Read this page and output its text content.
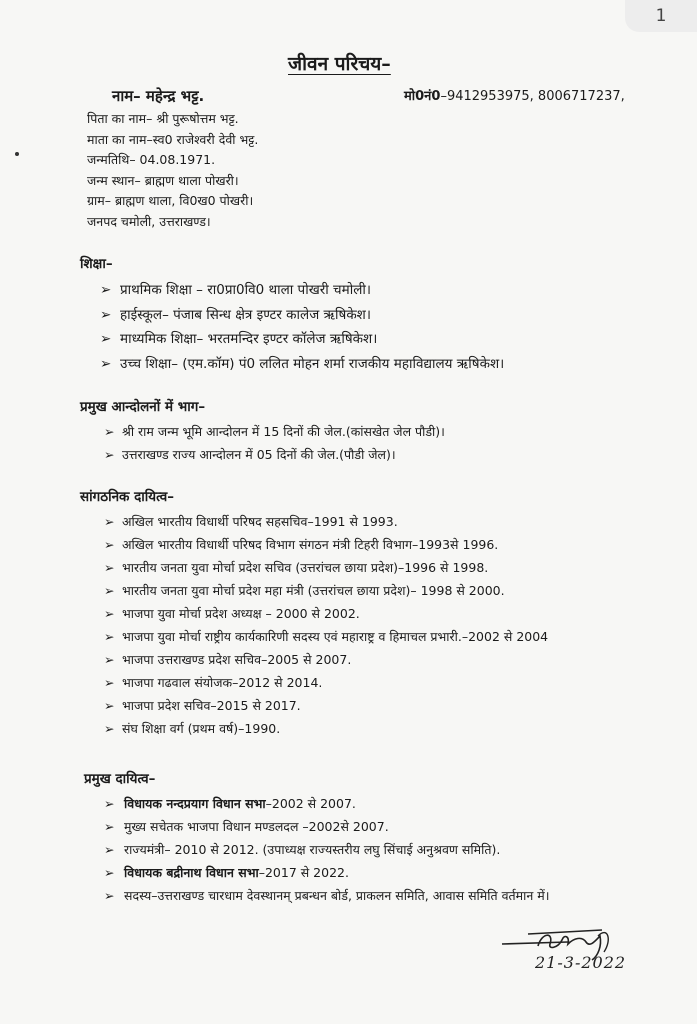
1
जीवन परिचय–
नाम– महेन्द्र भट्ट.	मो0नं0–9412953975, 8006717237,
पिता का नाम– श्री पुरूषोत्तम भट्ट.
माता का नाम–स्व0 राजेश्वरी देवी भट्ट.
जन्मतिथि– 04.08.1971.
जन्म स्थान– ब्राह्मण थाला पोखरी।
ग्राम– ब्राह्मण थाला, वि0ख0 पोखरी।
जनपद चमोली, उत्तराखण्ड।
शिक्षा–
➢ प्राथमिक शिक्षा – रा0प्रा0वि0 थाला पोखरी चमोली।
➢ हाईस्कूल– पंजाब सिन्ध क्षेत्र इण्टर कालेज ऋषिकेश।
➢ माध्यमिक शिक्षा– भरतमन्दिर इण्टर कॉलेज ऋषिकेश।
➢ उच्च शिक्षा– (एम.कॉम) पं0 ललित मोहन शर्मा राजकीय महाविद्यालय ऋषिकेश।
प्रमुख आन्दोलनों में भाग–
➢ श्री राम जन्म भूमि आन्दोलन में 15 दिनों की जेल.(कांसखेत जेल पौडी)।
➢ उत्तराखण्ड राज्य आन्दोलन में 05 दिनों की जेल.(पौडी जेल)।
सांगठनिक दायित्व–
➢ अखिल भारतीय विधार्थी परिषद सहसचिव–1991 से 1993.
➢ अखिल भारतीय विधार्थी परिषद विभाग संगठन मंत्री टिहरी विभाग–1993से 1996.
➢ भारतीय जनता युवा मोर्चा प्रदेश सचिव (उत्तरांचल छाया प्रदेश)–1996 से 1998.
➢ भारतीय जनता युवा मोर्चा प्रदेश महा मंत्री (उत्तरांचल छाया प्रदेश)– 1998 से 2000.
➢ भाजपा युवा मोर्चा प्रदेश अध्यक्ष – 2000 से 2002.
➢ भाजपा युवा मोर्चा राष्ट्रीय कार्यकारिणी सदस्य एवं महाराष्ट्र व हिमाचल प्रभारी.–2002 से 2004
➢ भाजपा उत्तराखण्ड प्रदेश सचिव–2005 से 2007.
➢ भाजपा गढवाल संयोजक–2012 से 2014.
➢ भाजपा प्रदेश सचिव–2015 से 2017.
➢ संघ शिक्षा वर्ग (प्रथम वर्ष)–1990.
प्रमुख दायित्व–
➢ विधायक नन्दप्रयाग विधान सभा–2002 से 2007.
➢ मुख्य सचेतक भाजपा विधान मण्डलदल –2002से 2007.
➢ राज्यमंत्री– 2010 से 2012. (उपाध्यक्ष राज्यस्तरीय लघु सिंचाई अनुश्रवण समिति).
➢ विधायक बद्रीनाथ विधान सभा–2017 से 2022.
➢ सदस्य–उत्तराखण्ड चारधाम देवस्थानम् प्रबन्धन बोर्ड, प्राकलन समिति, आवास समिति वर्तमान में।
21-3-2022
